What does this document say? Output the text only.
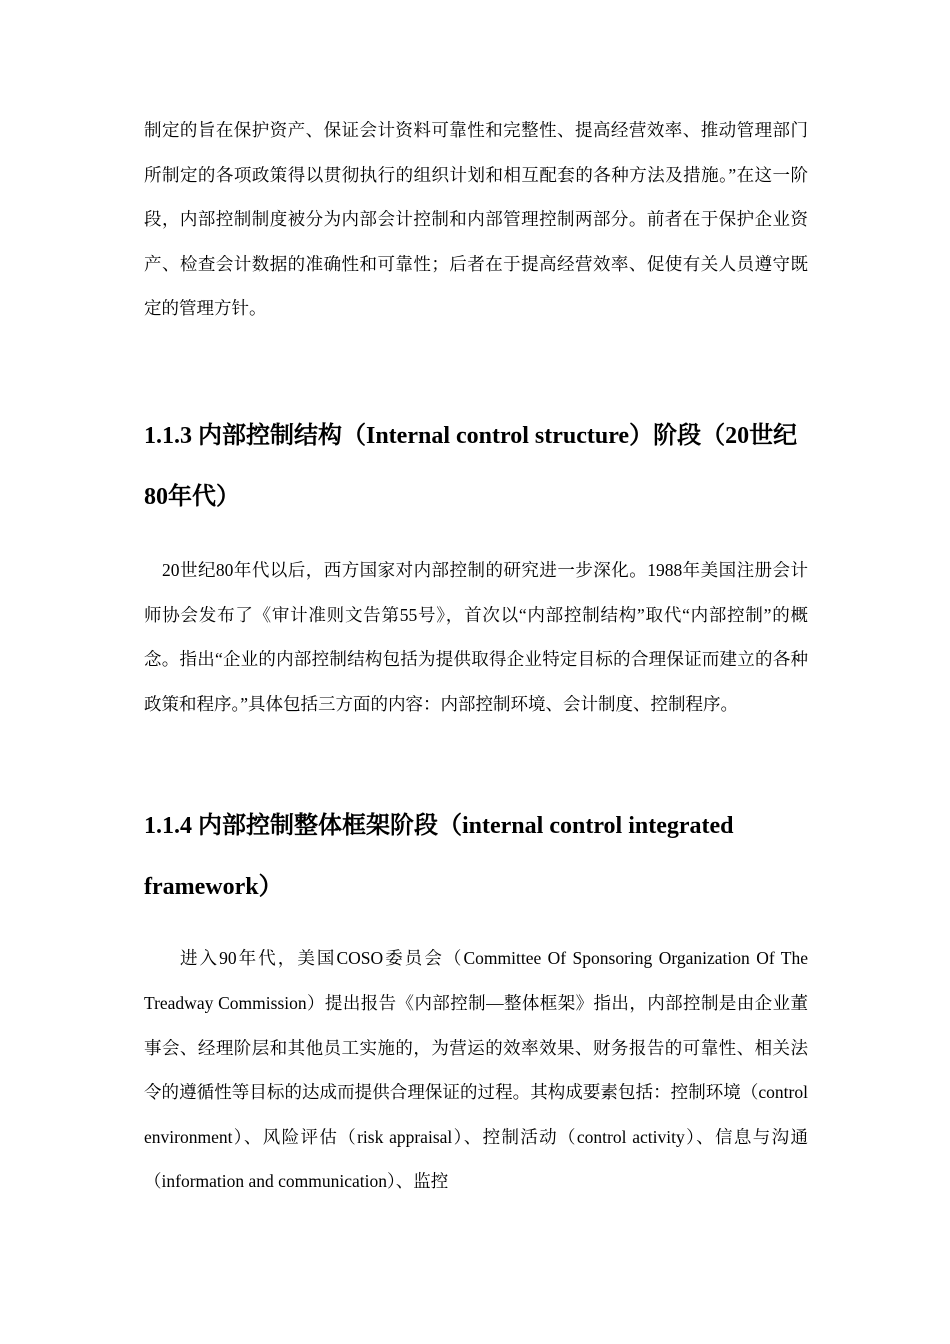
制定的旨在保护资产、保证会计资料可靠性和完整性、提高经营效率、推动管理部门所制定的各项政策得以贯彻执行的组织计划和相互配套的各种方法及措施。”在这一阶段，内部控制制度被分为内部会计控制和内部管理控制两部分。前者在于保护企业资产、检查会计数据的准确性和可靠性；后者在于提高经营效率、促使有关人员遵守既定的管理方针。

1.1.3 内部控制结构（Internal control structure）阶段（20世纪80年代）

20世纪80年代以后，西方国家对内部控制的研究进一步深化。1988年美国注册会计师协会发布了《审计准则文告第55号》，首次以“内部控制结构”取代“内部控制”的概念。指出“企业的内部控制结构包括为提供取得企业特定目标的合理保证而建立的各种政策和程序。”具体包括三方面的内容：内部控制环境、会计制度、控制程序。

1.1.4 内部控制整体框架阶段（internal control integrated framework）

进入90年代，美国COSO委员会（Committee Of Sponsoring Organization Of The Treadway Commission）提出报告《内部控制—整体框架》指出，内部控制是由企业董事会、经理阶层和其他员工实施的，为营运的效率效果、财务报告的可靠性、相关法令的遵循性等目标的达成而提供合理保证的过程。其构成要素包括：控制环境（control environment）、风险评估（risk appraisal）、控制活动（control activity）、信息与沟通（information and communication）、监控
